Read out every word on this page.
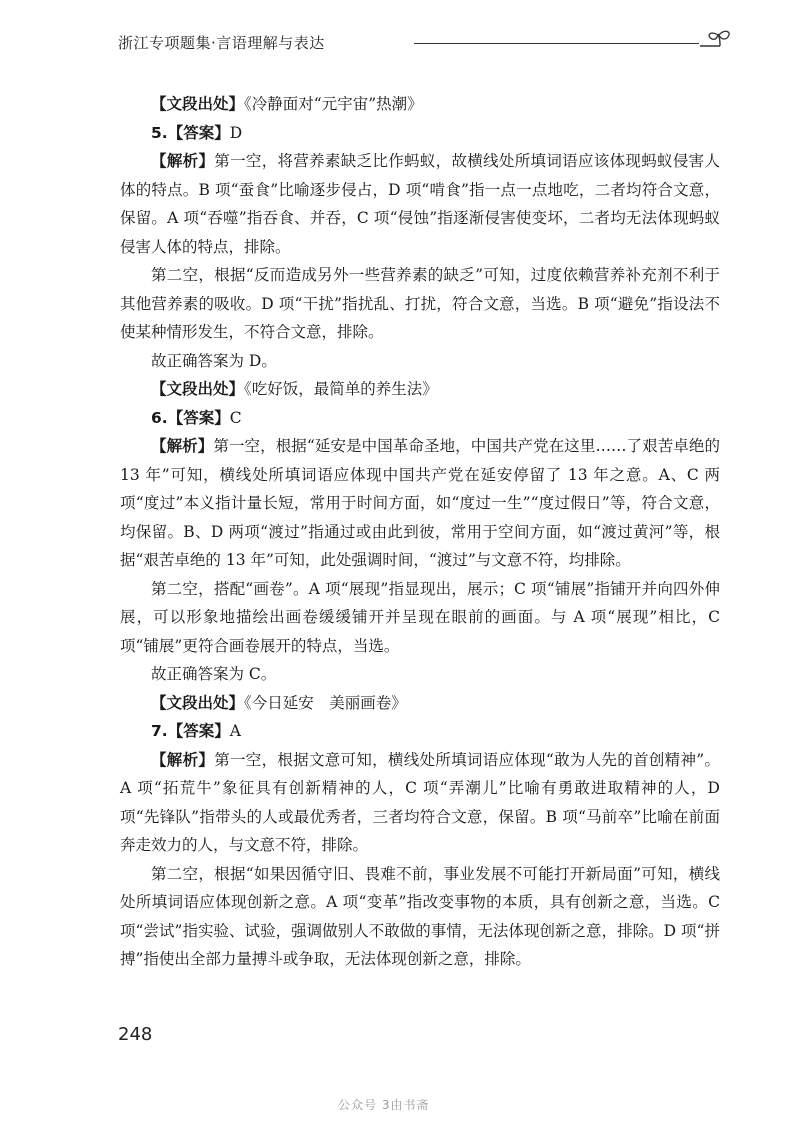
浙江专项题集·言语理解与表达

【文段出处】《冷静面对“元宇宙”热潮》

5.【答案】D

【解析】第一空，将营养素缺乏比作蚂蚁，故横线处所填词语应该体现蚂蚁侵害人体的特点。B 项“蚕食”比喻逐步侵占，D 项“啃食”指一点一点地吃，二者均符合文意，保留。A 项“吞噬”指吞食、并吞，C 项“侵蚀”指逐渐侵害使变坏，二者均无法体现蚂蚁侵害人体的特点，排除。

第二空，根据“反而造成另外一些营养素的缺乏”可知，过度依赖营养补充剂不利于其他营养素的吸收。D 项“干扰”指扰乱、打扰，符合文意，当选。B 项“避免”指设法不使某种情形发生，不符合文意，排除。

故正确答案为 D。

【文段出处】《吃好饭，最简单的养生法》

6.【答案】C

【解析】第一空，根据“延安是中国革命圣地，中国共产党在这里……了艰苦卓绝的 13 年”可知，横线处所填词语应体现中国共产党在延安停留了 13 年之意。A、C 两项“度过”本义指计量长短，常用于时间方面，如“度过一生”“度过假日”等，符合文意，均保留。B、D 两项“渡过”指通过或由此到彼，常用于空间方面，如“渡过黄河”等，根据“艰苦卓绝的 13 年”可知，此处强调时间，“渡过”与文意不符，均排除。

第二空，搭配“画卷”。A 项“展现”指显现出，展示；C 项“铺展”指铺开并向四外伸展，可以形象地描绘出画卷缓缓铺开并呈现在眼前的画面。与 A 项“展现”相比，C 项“铺展”更符合画卷展开的特点，当选。

故正确答案为 C。

【文段出处】《今日延安　美丽画卷》

7.【答案】A

【解析】第一空，根据文意可知，横线处所填词语应体现“敢为人先的首创精神”。A 项“拓荒牛”象征具有创新精神的人，C 项“弄潮儿”比喻有勇敢进取精神的人，D 项“先锋队”指带头的人或最优秀者，三者均符合文意，保留。B 项“马前卒”比喻在前面奔走效力的人，与文意不符，排除。

第二空，根据“如果因循守旧、畏难不前，事业发展不可能打开新局面”可知，横线处所填词语应体现创新之意。A 项“变革”指改变事物的本质，具有创新之意，当选。C 项“尝试”指实验、试验，强调做别人不敢做的事情，无法体现创新之意，排除。D 项“拼搏”指使出全部力量搏斗或争取，无法体现创新之意，排除。

248
公众号 3由书斋
